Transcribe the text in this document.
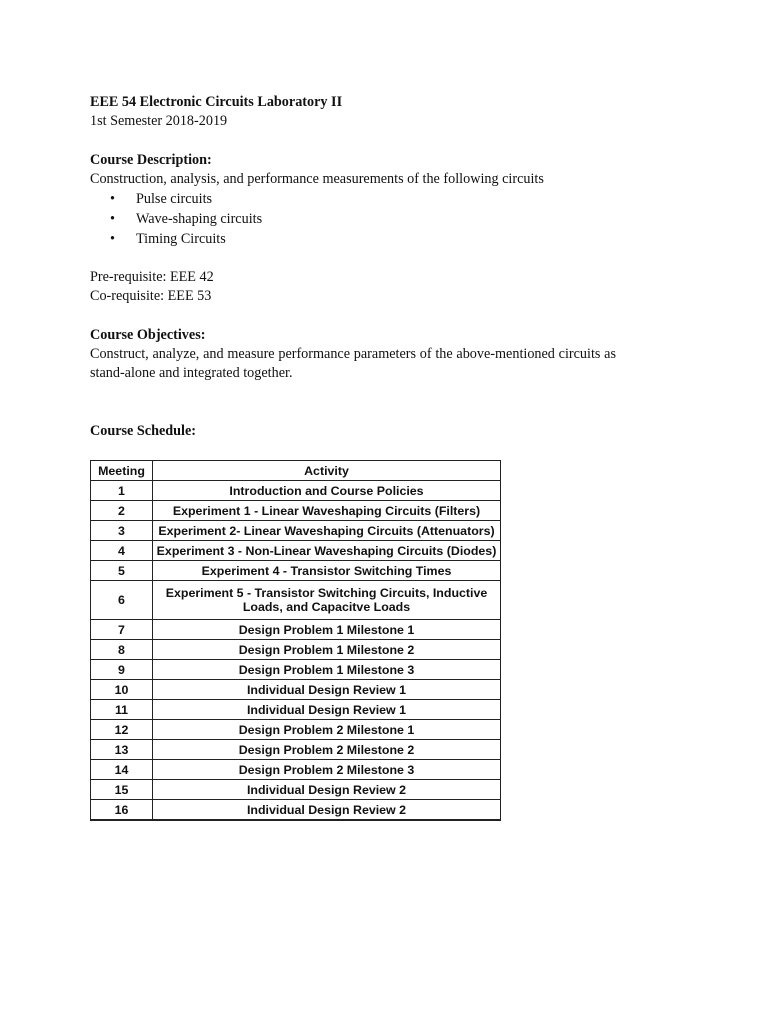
EEE 54 Electronic Circuits Laboratory II
1st Semester 2018-2019
Course Description:
Construction, analysis, and performance measurements of the following circuits
• Pulse circuits
• Wave-shaping circuits
• Timing Circuits
Pre-requisite: EEE 42
Co-requisite: EEE 53
Course Objectives:
Construct, analyze, and measure performance parameters of the above-mentioned circuits as stand-alone and integrated together.
Course Schedule:
Meeting	Activity
1	Introduction and Course Policies
2	Experiment 1 - Linear Waveshaping Circuits (Filters)
3	Experiment 2- Linear Waveshaping Circuits (Attenuators)
4	Experiment 3 - Non-Linear Waveshaping Circuits (Diodes)
5	Experiment 4 - Transistor Switching Times
6	Experiment 5 - Transistor Switching Circuits, Inductive Loads, and Capacitve Loads
7	Design Problem 1 Milestone 1
8	Design Problem 1 Milestone 2
9	Design Problem 1 Milestone 3
10	Individual Design Review 1
11	Individual Design Review 1
12	Design Problem 2 Milestone 1
13	Design Problem 2 Milestone 2
14	Design Problem 2 Milestone 3
15	Individual Design Review 2
16	Individual Design Review 2
